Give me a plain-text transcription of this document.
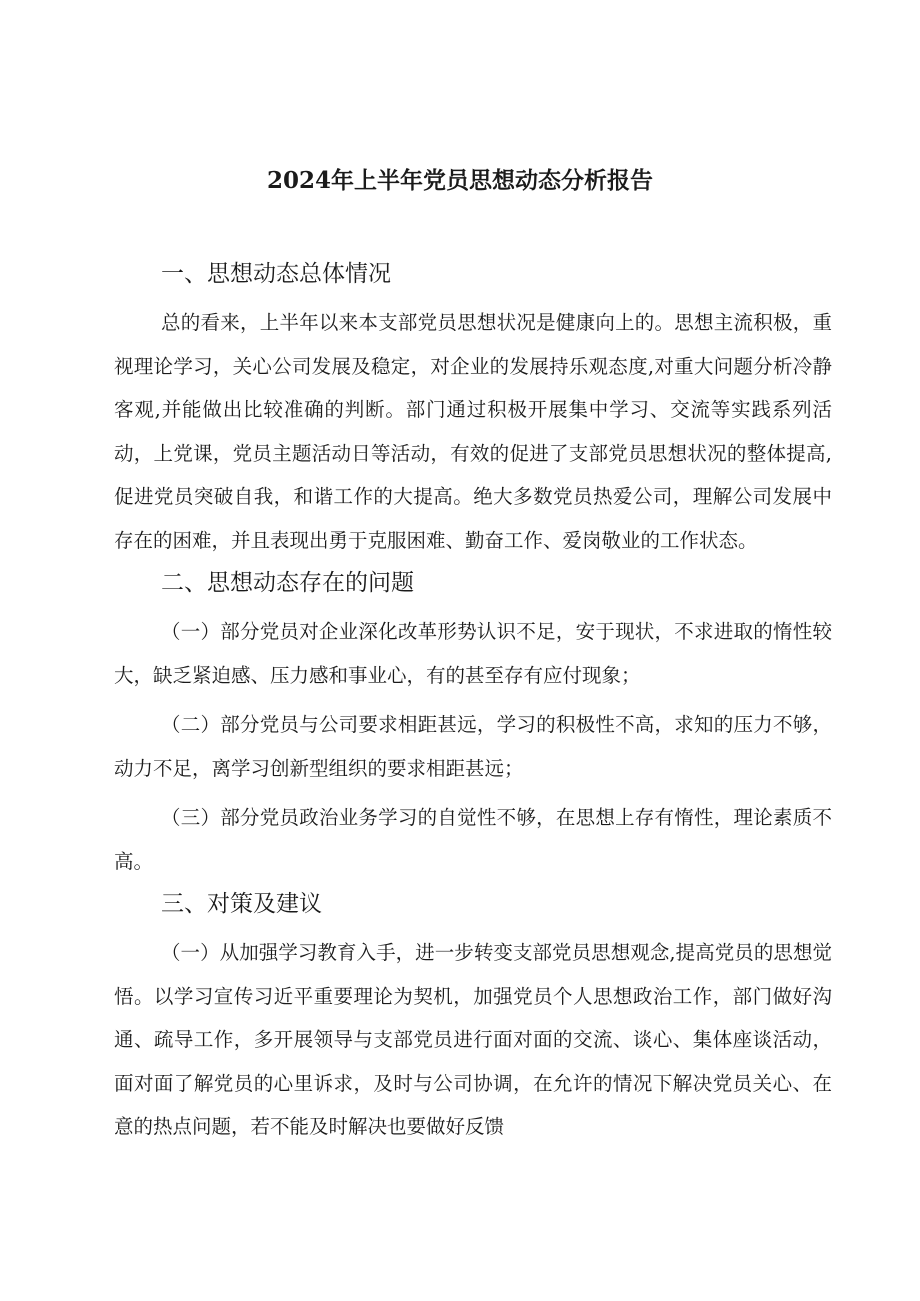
2024年上半年党员思想动态分析报告
一、思想动态总体情况

总的看来，上半年以来本支部党员思想状况是健康向上的。思想主流积极，重视理论学习，关心公司发展及稳定，对企业的发展持乐观态度,对重大问题分析冷静客观,并能做出比较准确的判断。部门通过积极开展集中学习、交流等实践系列活动，上党课，党员主题活动日等活动，有效的促进了支部党员思想状况的整体提高,促进党员突破自我，和谐工作的大提高。绝大多数党员热爱公司，理解公司发展中存在的困难，并且表现出勇于克服困难、勤奋工作、爱岗敬业的工作状态。

二、思想动态存在的问题

（一）部分党员对企业深化改革形势认识不足，安于现状，不求进取的惰性较大，缺乏紧迫感、压力感和事业心，有的甚至存有应付现象；

（二）部分党员与公司要求相距甚远，学习的积极性不高，求知的压力不够，动力不足，离学习创新型组织的要求相距甚远；

（三）部分党员政治业务学习的自觉性不够，在思想上存有惰性，理论素质不高。

三、对策及建议

（一）从加强学习教育入手，进一步转变支部党员思想观念,提高党员的思想觉悟。以学习宣传习近平重要理论为契机，加强党员个人思想政治工作，部门做好沟通、疏导工作，多开展领导与支部党员进行面对面的交流、谈心、集体座谈活动，面对面了解党员的心里诉求，及时与公司协调，在允许的情况下解决党员关心、在意的热点问题，若不能及时解决也要做好反馈
